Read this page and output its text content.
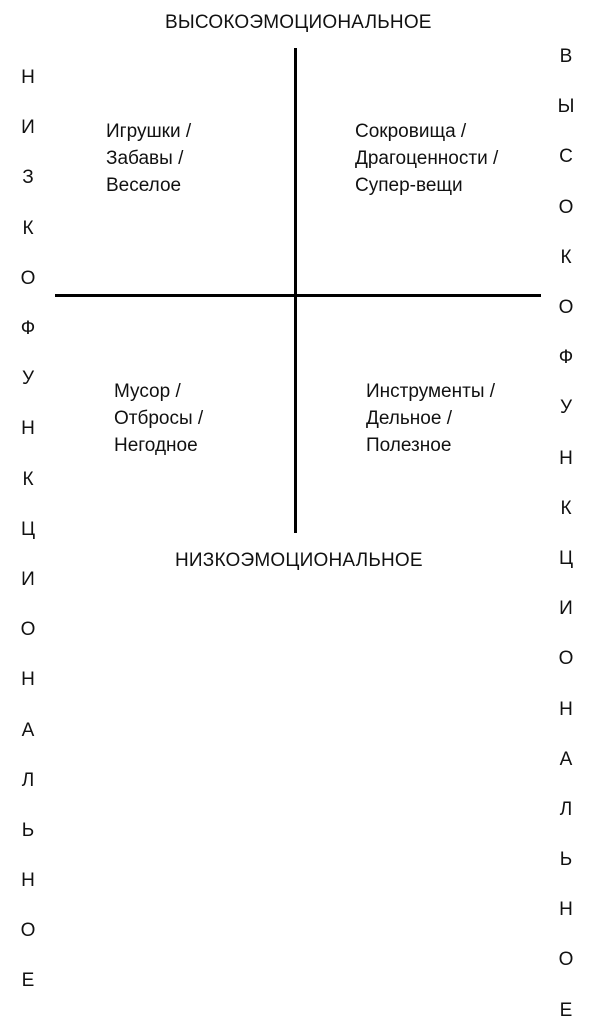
ВЫСОКОЭМОЦИОНАЛЬНОЕ
НИЗКОЭМОЦИОНАЛЬНОЕ

Н

И

З

К

О

Ф

У

Н

К

Ц

И

О

Н

А

Л

Ь

Н

О

Е

В

Ы

С

О

К

О

Ф

У

Н

К

Ц

И

О

Н

А

Л

Ь

Н

О

Е

Игрушки /
Забавы /
Веселое
Сокровища /
Драгоценности /
Супер-вещи
Мусор /
Отбросы /
Негодное
Инструменты /
Дельное /
Полезное
